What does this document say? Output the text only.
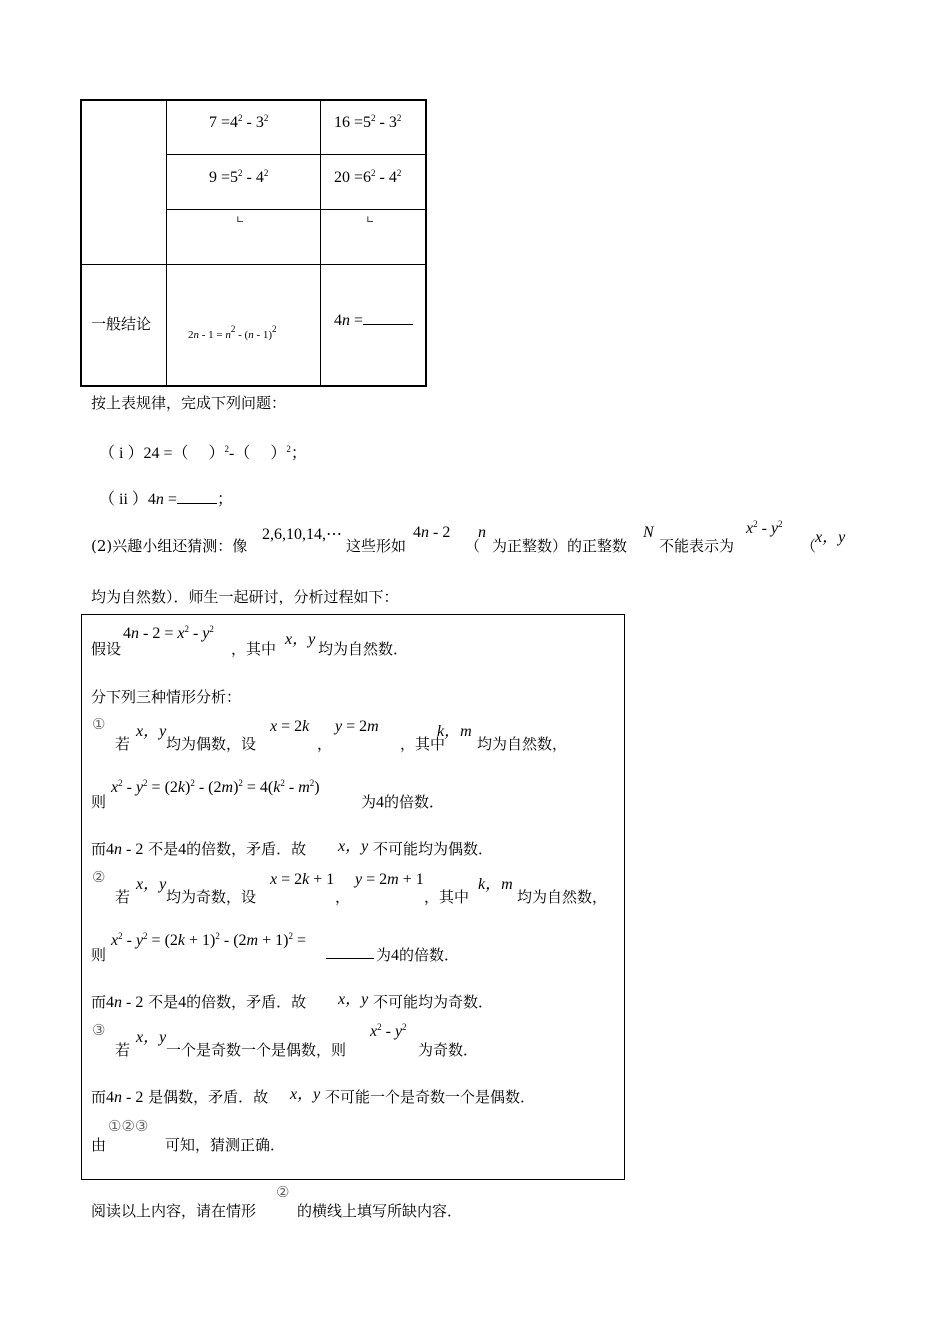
$7 =4^2 - 3^2$	$16 =5^2 - 3^2$
$9 =5^2 - 4^2$	$20 =6^2 - 4^2$
∟	∟
一般结论
$2n - 1 = n^2 - (n - 1)^2$	4n =
按上表规律，完成下列问题：
（ i ）24 =（　 ）$^2$-（　 ）$^2$；
（ ii ）4n =	；
(2)兴趣小组还猜测：像
2,6,10,14,⋯
这些形如
4n - 2
（
n
为正整数）的正整数
N
不能表示为
$x^2 - y^2$
（
x，y
均为自然数）．师生一起研讨，分析过程如下：
假设
$4n - 2 = x^2 - y^2$
，其中
x，y
均为自然数．
分下列三种情形分析：
①
若
x，y
均为偶数，设
x = 2k
，
y = 2m
，其中
k，m
均为自然数，
则
$x^2 - y^2 = (2k)^2 - (2m)^2 = 4(k^2 - m^2)$
为4的倍数．
而4n - 2 不是4的倍数，矛盾．故 x，y 不可能均为偶数．
②
若
x，y
均为奇数，设
x = 2k + 1
，
y = 2m + 1
，其中
k，m
均为自然数，
则
$x^2 - y^2 = (2k + 1)^2 - (2m + 1)^2$ =
为4的倍数．
而4n - 2 不是4的倍数，矛盾．故 x，y 不可能均为奇数．
③
若
x，y
一个是奇数一个是偶数，则
$x^2 - y^2$
为奇数．
而4n - 2 是偶数，矛盾．故 x，y 不可能一个是奇数一个是偶数．
由
①②③
可知，猜测正确．
阅读以上内容，请在情形
②
的横线上填写所缺内容．
